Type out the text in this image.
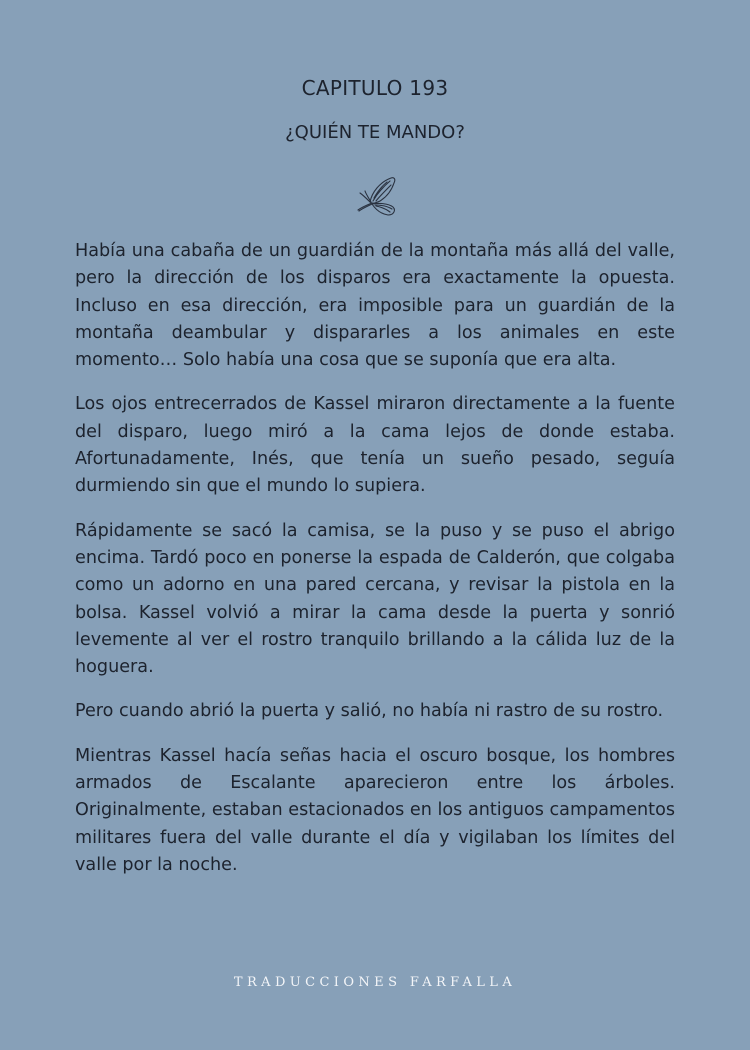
CAPITULO 193
¿QUIÉN TE MANDO?

Había una cabaña de un guardián de la montaña más allá del valle, pero la dirección de los disparos era exactamente la opuesta. Incluso en esa dirección, era imposible para un guardián de la montaña deambular y dispararles a los animales en este momento… Solo había una cosa que se suponía que era alta.

Los ojos entrecerrados de Kassel miraron directamente a la fuente del disparo, luego miró a la cama lejos de donde estaba. Afortunadamente, Inés, que tenía un sueño pesado, seguía durmiendo sin que el mundo lo supiera.

Rápidamente se sacó la camisa, se la puso y se puso el abrigo encima. Tardó poco en ponerse la espada de Calderón, que colgaba como un adorno en una pared cercana, y revisar la pistola en la bolsa. Kassel volvió a mirar la cama desde la puerta y sonrió levemente al ver el rostro tranquilo brillando a la cálida luz de la hoguera.

Pero cuando abrió la puerta y salió, no había ni rastro de su rostro.

Mientras Kassel hacía señas hacia el oscuro bosque, los hombres armados de Escalante aparecieron entre los árboles. Originalmente, estaban estacionados en los antiguos campamentos militares fuera del valle durante el día y vigilaban los límites del valle por la noche.

TRADUCCIONES FARFALLA
